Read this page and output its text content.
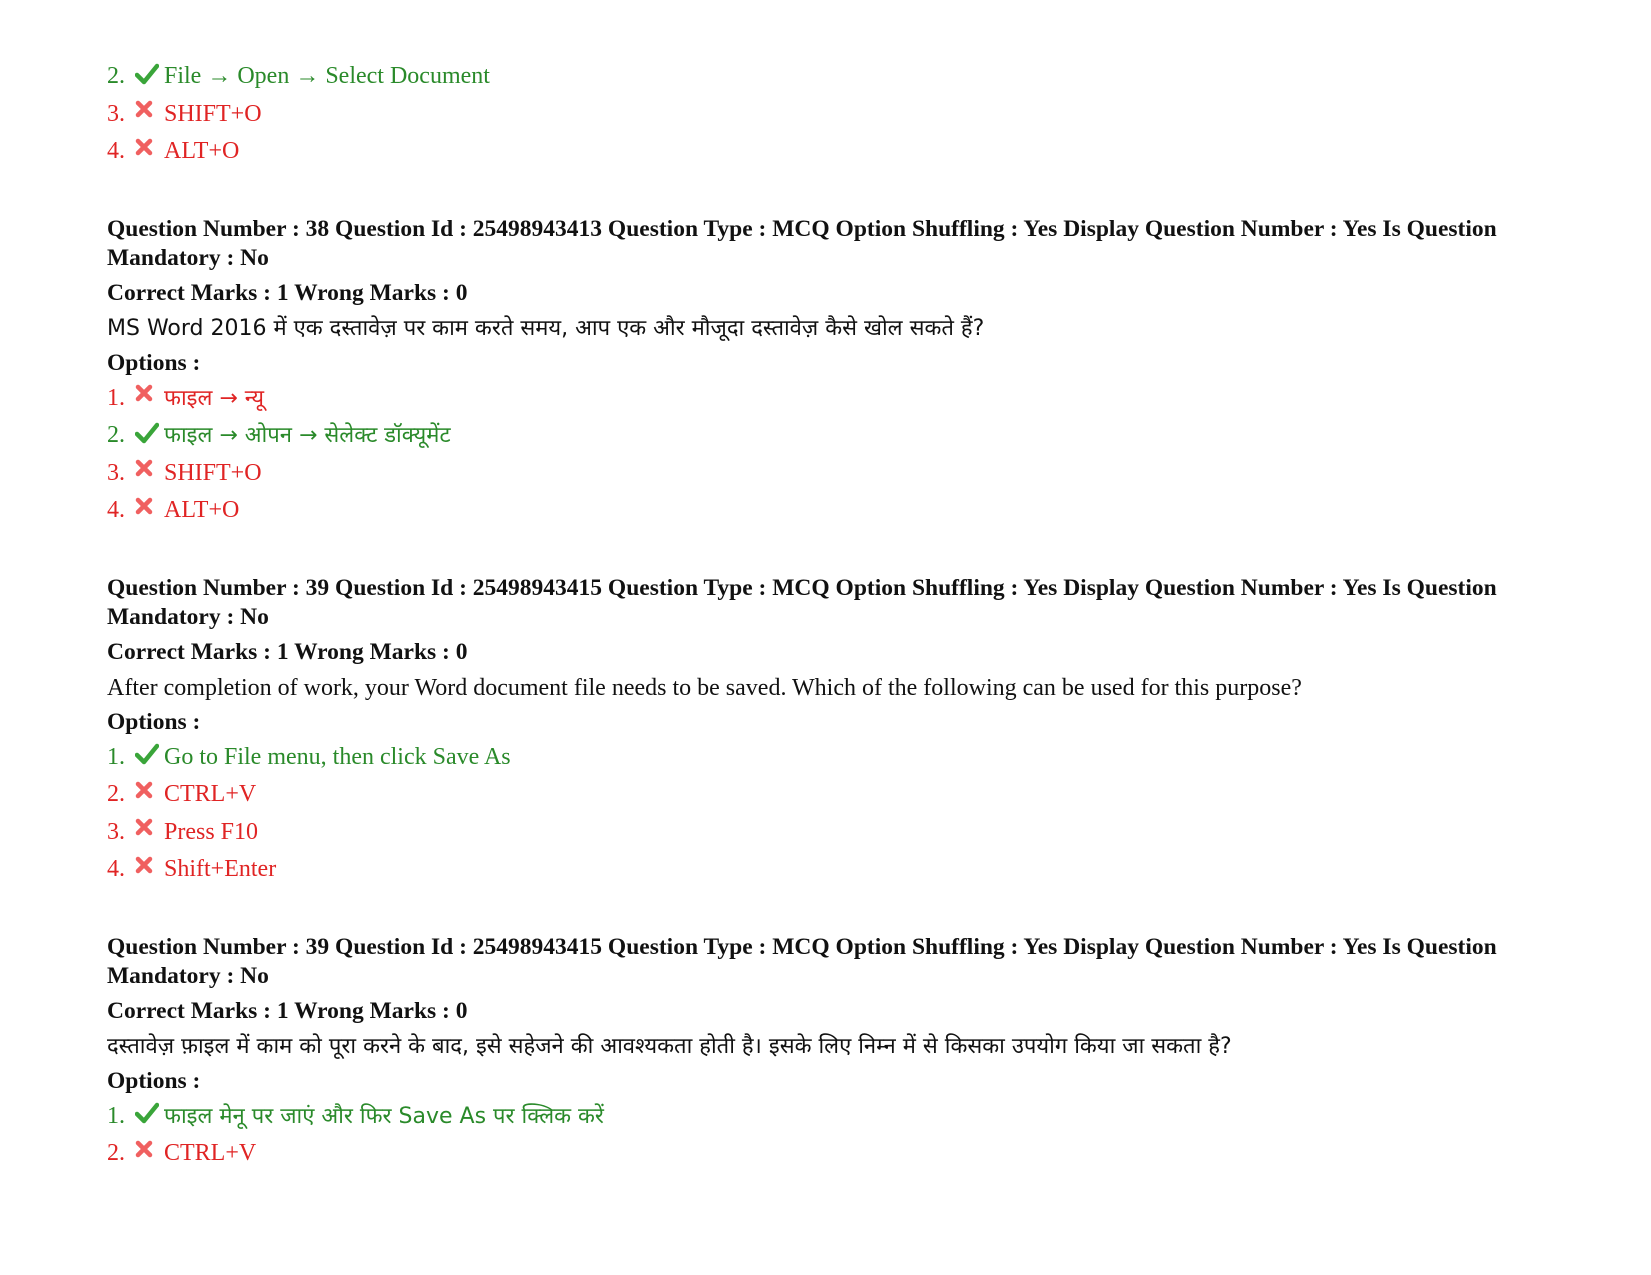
2.	File → Open → Select Document
3.	SHIFT+O
4.	ALT+O
Question Number : 38 Question Id : 25498943413 Question Type : MCQ Option Shuffling : Yes Display Question Number : Yes Is Question Mandatory : No
Correct Marks : 1 Wrong Marks : 0
MS Word 2016 में एक दस्तावेज़ पर काम करते समय, आप एक और मौजूदा दस्तावेज़ कैसे खोल सकते हैं?
Options :
1.	फाइल → न्यू
2.	फाइल → ओपन → सेलेक्ट डॉक्यूमेंट
3.	SHIFT+O
4.	ALT+O
Question Number : 39 Question Id : 25498943415 Question Type : MCQ Option Shuffling : Yes Display Question Number : Yes Is Question Mandatory : No
Correct Marks : 1 Wrong Marks : 0
After completion of work, your Word document file needs to be saved. Which of the following can be used for this purpose?
Options :
1.	Go to File menu, then click Save As
2.	CTRL+V
3.	Press F10
4.	Shift+Enter
Question Number : 39 Question Id : 25498943415 Question Type : MCQ Option Shuffling : Yes Display Question Number : Yes Is Question Mandatory : No
Correct Marks : 1 Wrong Marks : 0
दस्तावेज़ फ़ाइल में काम को पूरा करने के बाद, इसे सहेजने की आवश्यकता होती है। इसके लिए निम्न में से किसका उपयोग किया जा सकता है?
Options :
1.	फाइल मेनू पर जाएं और फिर Save As पर क्लिक करें
2.	CTRL+V
